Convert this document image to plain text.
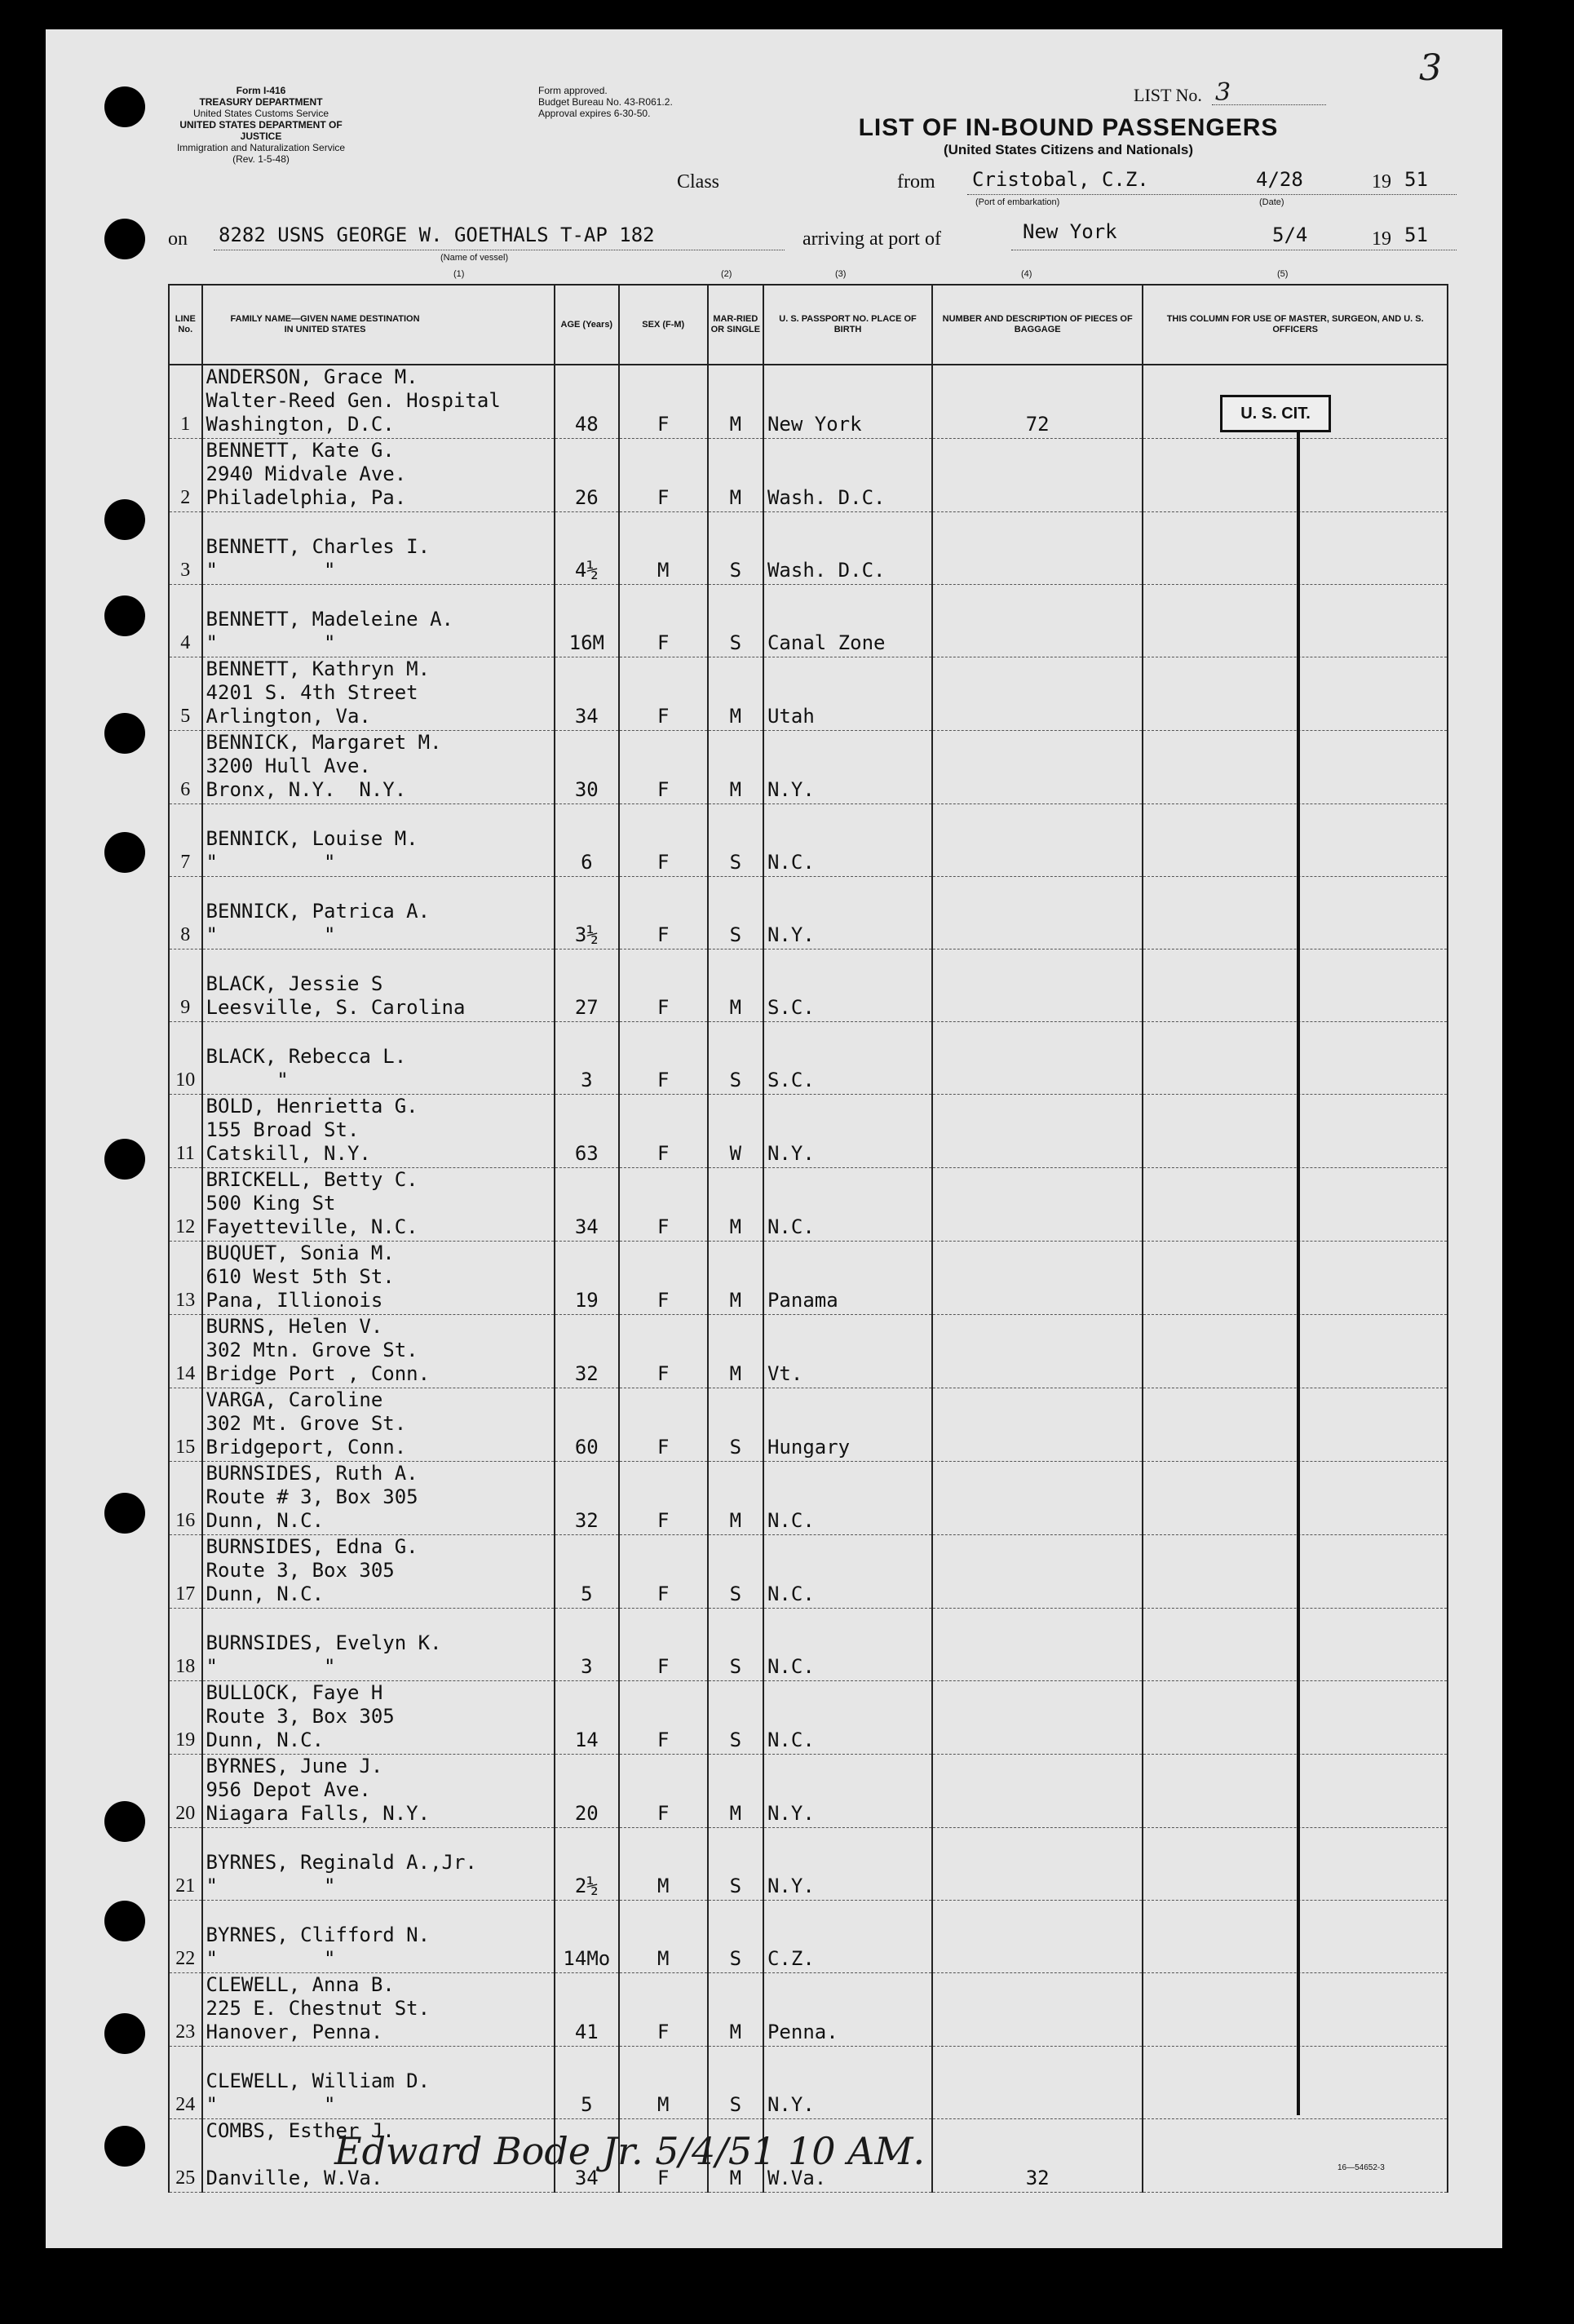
Form I-416
TREASURY DEPARTMENT
United States Customs Service
UNITED STATES DEPARTMENT OF JUSTICE
Immigration and Naturalization Service
(Rev. 1-5-48)
Form approved.
Budget Bureau No. 43-R061.2.
Approval expires 6-30-50.
LIST No. 3
3
LIST OF IN-BOUND PASSENGERS
(United States Citizens and Nationals)
Class	from Cristobal, C.Z.	4/28	19 51
(Port of embarkation)	(Date)
on 8282 USNS GEORGE W. GOETHALS T-AP 182	arriving at port of	New York	5/4	19 51
(Name of vessel)
(1)	(2)	(3)	(4)	(5)
LINE No.	FAMILY NAME—GIVEN NAME DESTINATION IN UNITED STATES	AGE (Years)	SEX (F-M)	MAR-RIED OR SINGLE	U. S. PASSPORT NO. PLACE OF BIRTH	NUMBER AND DESCRIPTION OF PIECES OF BAGGAGE	THIS COLUMN FOR USE OF MASTER, SURGEON, AND U. S. OFFICERS
1	ANDERSON, Grace M.
Walter-Reed Gen. Hospital
Washington, D.C.	48	F	M	New York	72	
2	BENNETT, Kate G.
2940 Midvale Ave.
Philadelphia, Pa.	26	F	M	Wash. D.C.		
3	BENNETT, Charles I.
"         "	4½	M	S	Wash. D.C.		
4	BENNETT, Madeleine A.
"         "	16M	F	S	Canal Zone		
5	BENNETT, Kathryn M.
4201 S. 4th Street
Arlington, Va.	34	F	M	Utah		
6	BENNICK, Margaret M.
3200 Hull Ave.
Bronx, N.Y.  N.Y.	30	F	M	N.Y.		
7	BENNICK, Louise M.
"         "	6	F	S	N.C.		
8	BENNICK, Patrica A.
"         "	3½	F	S	N.Y.		
9	BLACK, Jessie S
Leesville, S. Carolina	27	F	M	S.C.		
10	BLACK, Rebecca L.
"	3	F	S	S.C.		
11	BOLD, Henrietta G.
155 Broad St.
Catskill, N.Y.	63	F	W	N.Y.		
12	BRICKELL, Betty C.
500 King St
Fayetteville, N.C.	34	F	M	N.C.		
13	BUQUET, Sonia M.
610 West 5th St.
Pana, Illionois	19	F	M	Panama		
14	BURNS, Helen V.
302 Mtn. Grove St.
Bridge Port , Conn.	32	F	M	Vt.		
15	VARGA, Caroline
302 Mt. Grove St.
Bridgeport, Conn.	60	F	S	Hungary		
16	BURNSIDES, Ruth A.
Route # 3, Box 305
Dunn, N.C.	32	F	M	N.C.		
17	BURNSIDES, Edna G.
Route 3, Box 305
Dunn, N.C.	5	F	S	N.C.		
18	BURNSIDES, Evelyn K.
"         "	3	F	S	N.C.		
19	BULLOCK, Faye H
Route 3, Box 305
Dunn, N.C.	14	F	S	N.C.		
20	BYRNES, June J.
956 Depot Ave.
Niagara Falls, N.Y.	20	F	M	N.Y.		
21	BYRNES, Reginald A.,Jr.
"         "	2½	M	S	N.Y.		
22	BYRNES, Clifford N.
"         "	14Mo	M	S	C.Z.		
23	CLEWELL, Anna B.
225 E. Chestnut St.
Hanover, Penna.	41	F	M	Penna.		
24	CLEWELL, William D.
"         "	5	M	S	N.Y.		
25	COMBS, Esther J.

Danville, W.Va.	34	F	M	W.Va.	32	
U. S. CIT.
Edward Bode Jr. 5/4/51 10 AM.	16—54652-3
